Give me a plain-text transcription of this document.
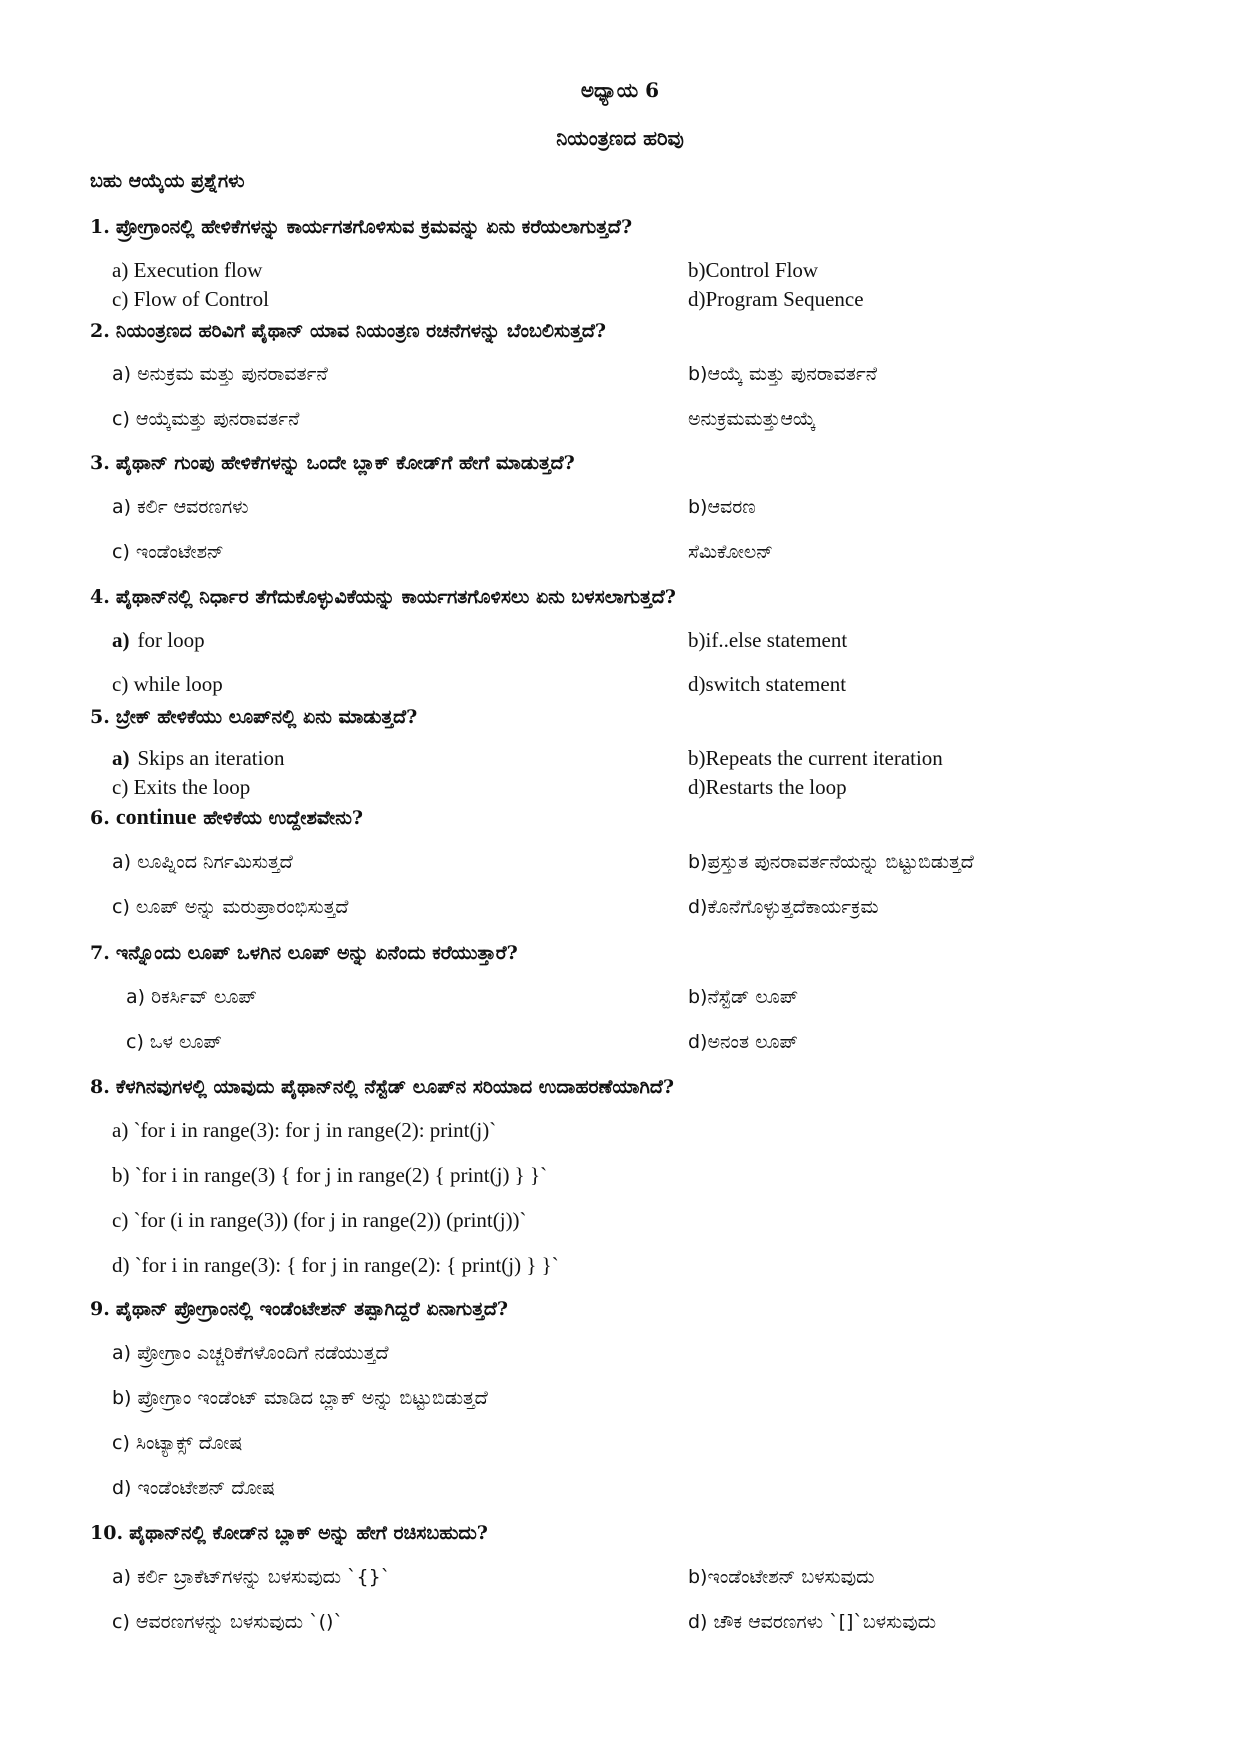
ಅಧ್ಯಾಯ 6
ನಿಯಂತ್ರಣದ ಹರಿವು
ಬಹು ಆಯ್ಕೆಯ ಪ್ರಶ್ನೆಗಳು
1. ಪ್ರೋಗ್ರಾಂನಲ್ಲಿ ಹೇಳಿಕೆಗಳನ್ನು ಕಾರ್ಯಗತಗೊಳಿಸುವ ಕ್ರಮವನ್ನು ಏನು ಕರೆಯಲಾಗುತ್ತದೆ?
a) Execution flow	b)Control Flow
c) Flow of Control	d)Program Sequence
2. ನಿಯಂತ್ರಣದ ಹರಿವಿಗೆ ಪೈಥಾನ್ ಯಾವ ನಿಯಂತ್ರಣ ರಚನೆಗಳನ್ನು ಬೆಂಬಲಿಸುತ್ತದೆ?
a) ಅನುಕ್ರಮ ಮತ್ತು ಪುನರಾವರ್ತನೆ	b)ಆಯ್ಕೆ ಮತ್ತು ಪುನರಾವರ್ತನೆ
c) ಆಯ್ಕೆಮತ್ತು ಪುನರಾವರ್ತನೆ	ಅನುಕ್ರಮಮತ್ತುಆಯ್ಕೆ
3. ಪೈಥಾನ್ ಗುಂಪು ಹೇಳಿಕೆಗಳನ್ನು ಒಂದೇ ಬ್ಲಾಕ್ ಕೋಡ್‌ಗೆ ಹೇಗೆ ಮಾಡುತ್ತದೆ?
a) ಕರ್ಲಿ ಆವರಣಗಳು	b)ಆವರಣ
c) ಇಂಡೆಂಟೇಶನ್	ಸೆಮಿಕೋಲನ್
4. ಪೈಥಾನ್‌ನಲ್ಲಿ ನಿರ್ಧಾರ ತೆಗೆದುಕೊಳ್ಳುವಿಕೆಯನ್ನು ಕಾರ್ಯಗತಗೊಳಿಸಲು ಏನು ಬಳಸಲಾಗುತ್ತದೆ?
a) for loop	b)if..else statement
c) while loop	d)switch statement
5. ಬ್ರೇಕ್ ಹೇಳಿಕೆಯು ಲೂಪ್‌ನಲ್ಲಿ ಏನು ಮಾಡುತ್ತದೆ?
a) Skips an iteration	b)Repeats the current iteration
c) Exits the loop	d)Restarts the loop
6. continue ಹೇಳಿಕೆಯ ಉದ್ದೇಶವೇನು?
a) ಲೂಪ್ನಿಂದ ನಿರ್ಗಮಿಸುತ್ತದೆ	b)ಪ್ರಸ್ತುತ ಪುನರಾವರ್ತನೆಯನ್ನು ಬಿಟ್ಟುಬಿಡುತ್ತದೆ
c) ಲೂಪ್ ಅನ್ನು ಮರುಪ್ರಾರಂಭಿಸುತ್ತದೆ	d)ಕೊನೆಗೊಳ್ಳುತ್ತದೆಕಾರ್ಯಕ್ರಮ
7. ಇನ್ನೊಂದು ಲೂಪ್ ಒಳಗಿನ ಲೂಪ್ ಅನ್ನು ಏನೆಂದು ಕರೆಯುತ್ತಾರೆ?
a) ರಿಕರ್ಸಿವ್ ಲೂಪ್	b)ನೆಸ್ಟೆಡ್ ಲೂಪ್
c) ಒಳ ಲೂಪ್	d)ಅನಂತ ಲೂಪ್
8. ಕೆಳಗಿನವುಗಳಲ್ಲಿ ಯಾವುದು ಪೈಥಾನ್‌ನಲ್ಲಿ ನೆಸ್ಟೆಡ್ ಲೂಪ್‌ನ ಸರಿಯಾದ ಉದಾಹರಣೆಯಾಗಿದೆ?
a) `for i in range(3): for j in range(2): print(j)`
b) `for i in range(3) { for j in range(2) { print(j) } }`
c) `for (i in range(3)) (for j in range(2)) (print(j))`
d) `for i in range(3): { for j in range(2): { print(j) } }`
9. ಪೈಥಾನ್ ಪ್ರೋಗ್ರಾಂನಲ್ಲಿ ಇಂಡೆಂಟೇಶನ್ ತಪ್ಪಾಗಿದ್ದರೆ ಏನಾಗುತ್ತದೆ?
a) ಪ್ರೋಗ್ರಾಂ ಎಚ್ಚರಿಕೆಗಳೊಂದಿಗೆ ನಡೆಯುತ್ತದೆ
b) ಪ್ರೋಗ್ರಾಂ ಇಂಡೆಂಟ್ ಮಾಡಿದ ಬ್ಲಾಕ್ ಅನ್ನು ಬಿಟ್ಟುಬಿಡುತ್ತದೆ
c) ಸಿಂಟ್ಯಾಕ್ಸ್ ದೋಷ
d) ಇಂಡೆಂಟೇಶನ್ ದೋಷ
10. ಪೈಥಾನ್‌ನಲ್ಲಿ ಕೋಡ್‌ನ ಬ್ಲಾಕ್ ಅನ್ನು ಹೇಗೆ ರಚಿಸಬಹುದು?
a) ಕರ್ಲಿ ಬ್ರಾಕೆಟ್‌ಗಳನ್ನು ಬಳಸುವುದು `{}`	b)ಇಂಡೆಂಟೇಶನ್ ಬಳಸುವುದು
c) ಆವರಣಗಳನ್ನು ಬಳಸುವುದು `()`	d) ಚೌಕ ಆವರಣಗಳು `[]`ಬಳಸುವುದು
